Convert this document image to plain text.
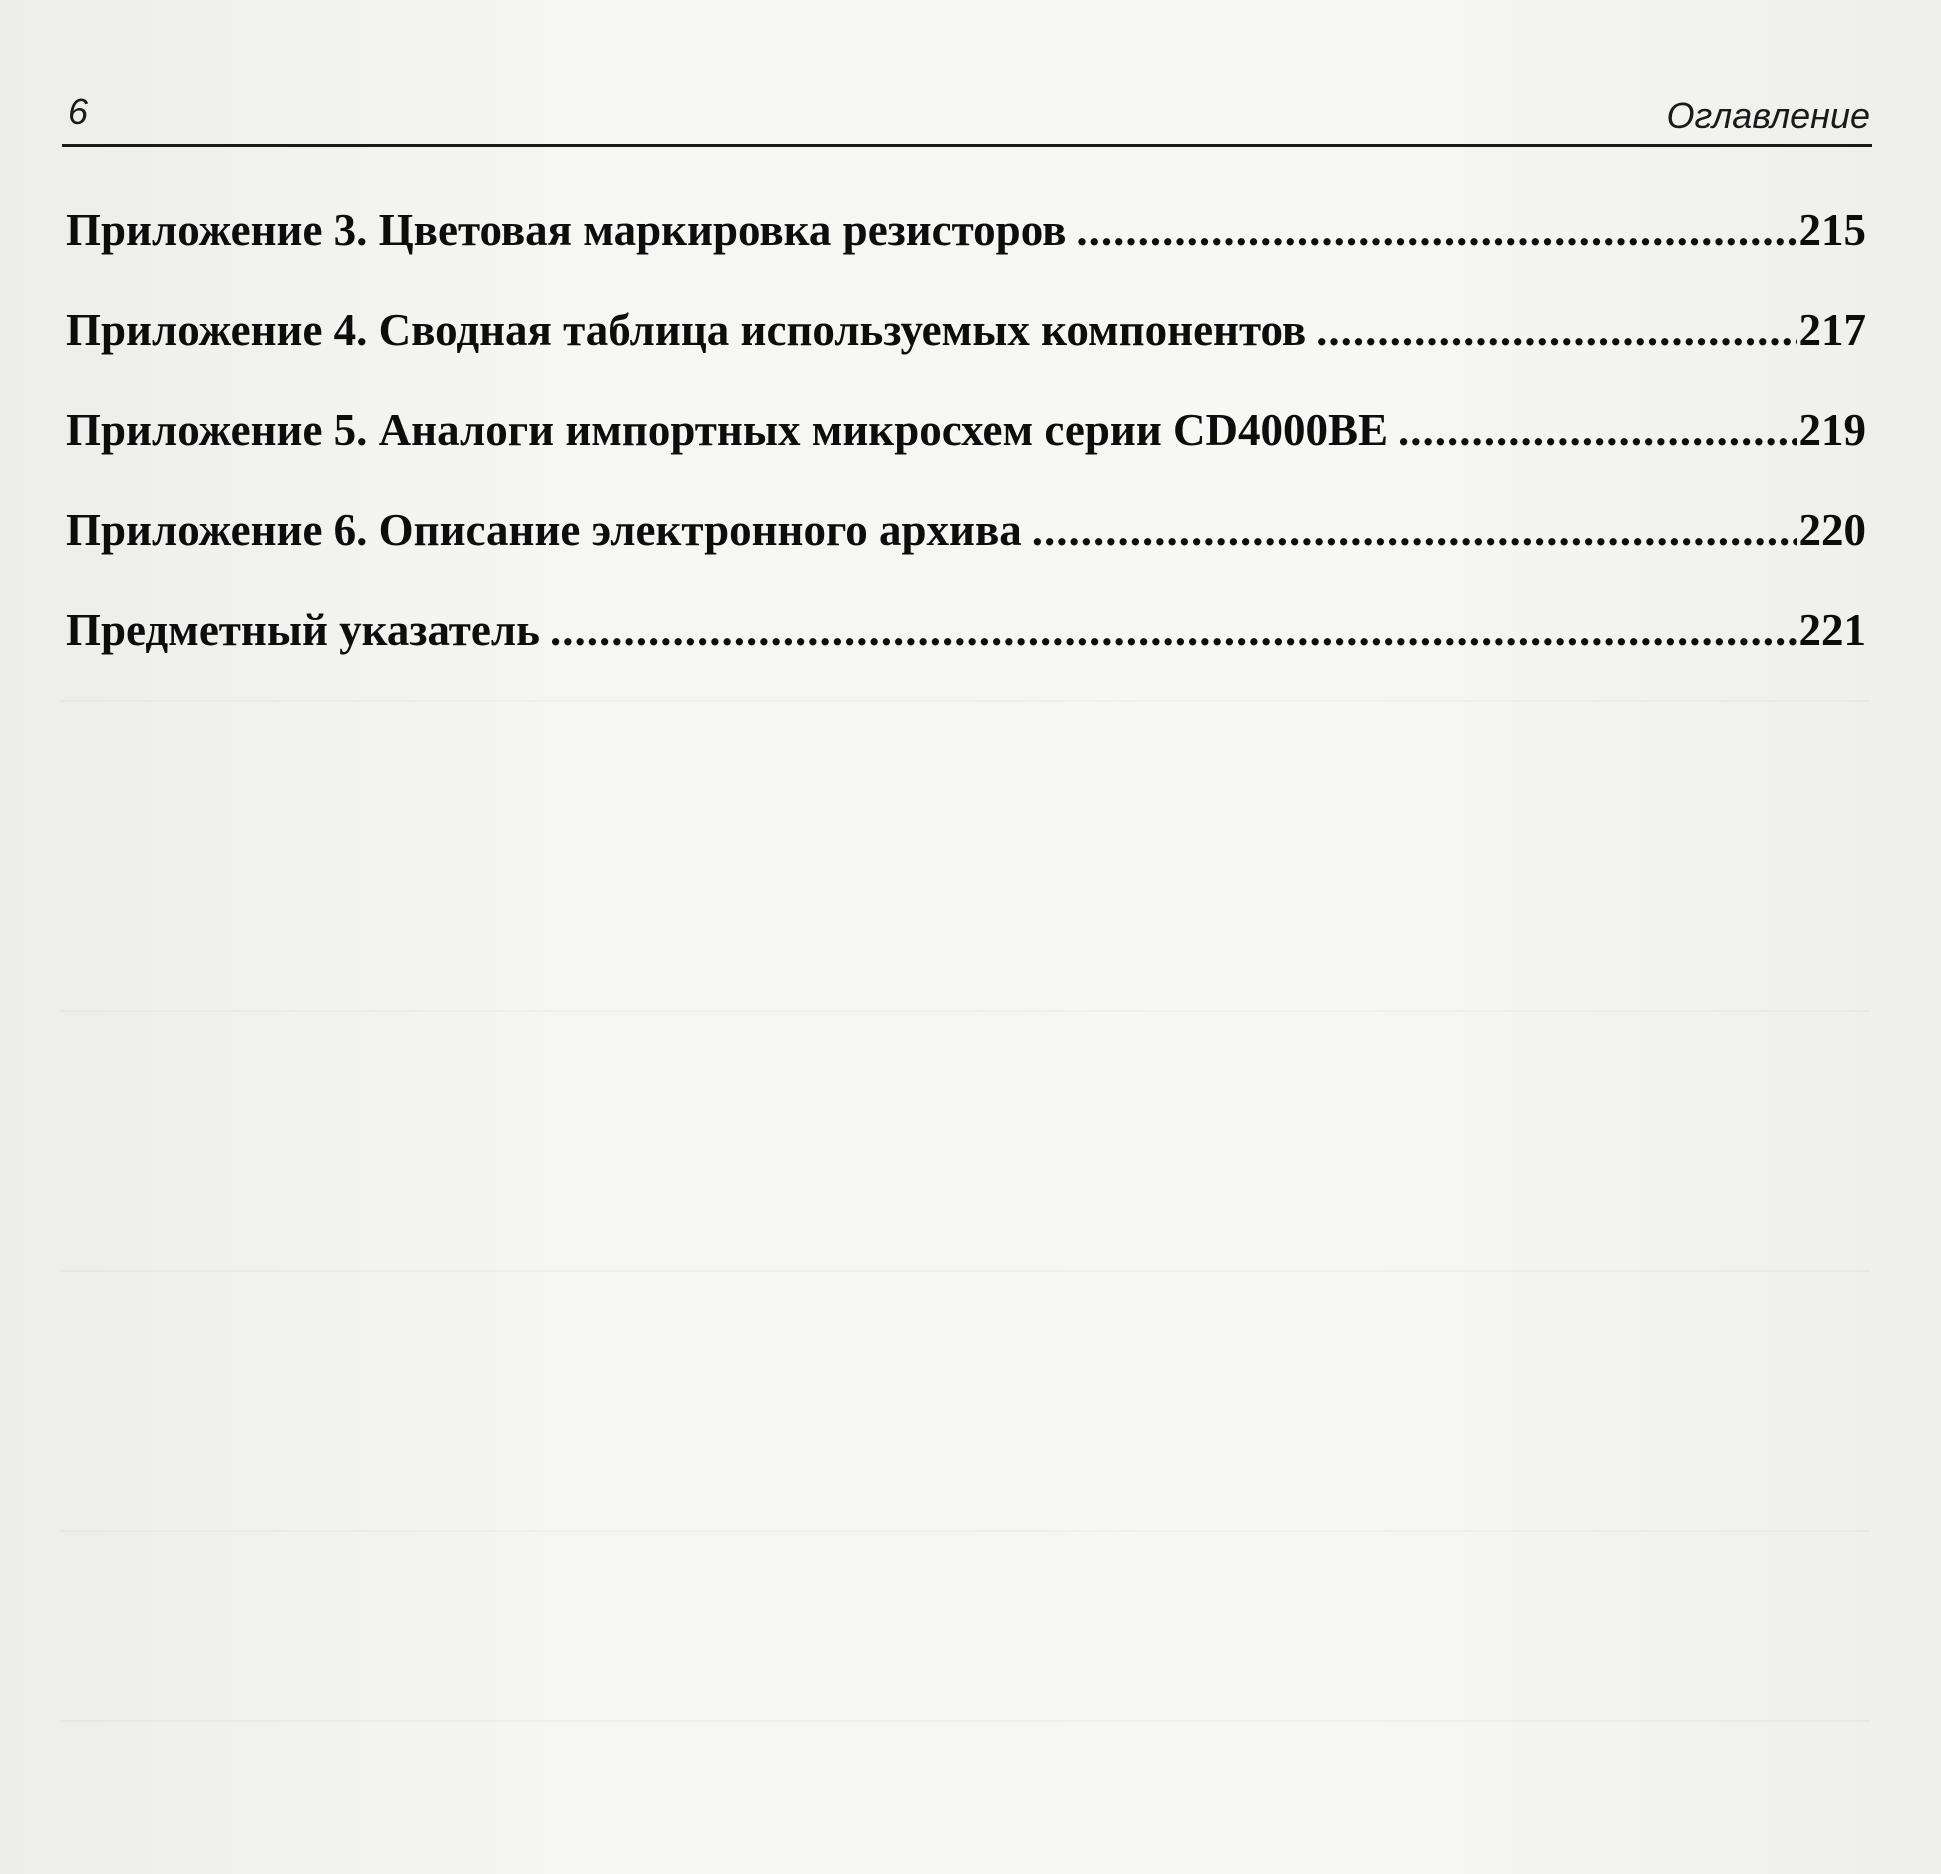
6	Оглавление
Приложение 3. Цветовая маркировка резисторов .....	215
Приложение 4. Сводная таблица используемых компонентов .....	217
Приложение 5. Аналоги импортных микросхем серии CD4000BE .....	219
Приложение 6. Описание электронного архива .....	220
Предметный указатель .....	221
